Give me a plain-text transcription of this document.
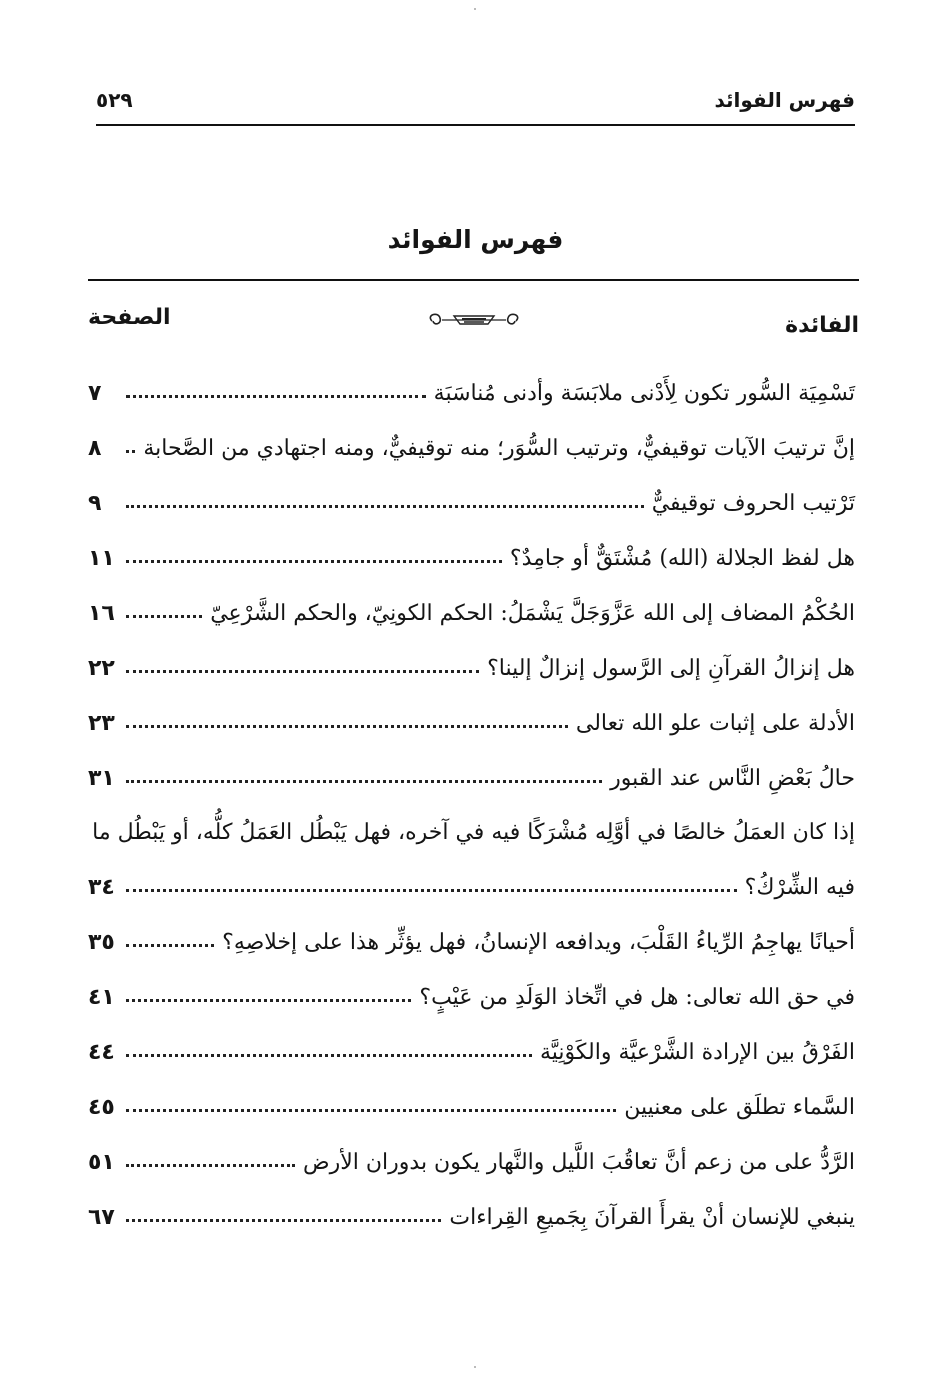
فهرس الفوائد
٥٢٩
فهرس الفوائد
الفائدة
الصفحة
تَسْمِيَة السُّور تكون لِأَدْنى ملابَسَة وأدنى مُناسَبَة
٧
إنَّ ترتيبَ الآيات توقيفيٌّ، وترتيب السُّوَر؛ منه توقيفيٌّ، ومنه اجتهادي من الصَّحابة
٨
تَرْتيب الحروف توقيفيٌّ
٩
هل لفظ الجلالة (الله) مُشْتَقٌّ أو جامِدٌ؟
١١
الحُكْمُ المضاف إلى الله عَزَّوَجَلَّ يَشْمَلُ: الحكم الكونِيّ، والحكم الشَّرْعِيّ
١٦
هل إنزالُ القرآنِ إلى الرَّسول إنزالٌ إلينا؟
٢٢
الأدلة على إثبات علو الله تعالى
٢٣
حالُ بَعْضِ النَّاس عند القبور
٣١
إذا كان العمَلُ خالصًا في أوَّلِه مُشْرَكًا فيه في آخره، فهل يَبْطُل العَمَلُ كلُّه، أو يَبْطُل ما
فيه الشِّرْكُ؟
٣٤
أحيانًا يهاجِمُ الرِّياءُ القَلْبَ، ويدافعه الإنسانُ، فهل يؤثِّر هذا على إخلاصِهِ؟
٣٥
في حق الله تعالى: هل في اتِّخاذ الوَلَدِ من عَيْبٍ؟
٤١
الفَرْقُ بين الإرادة الشَّرْعيَّة والكَوْنِيَّة
٤٤
السَّماء تطلَق على معنيين
٤٥
الرَّدُّ على من زعم أنَّ تعاقُبَ اللَّيل والنَّهار يكون بدوران الأرض
٥١
ينبغي للإنسان أنْ يقرأَ القرآنَ بِجَميعِ القِراءات
٦٧
